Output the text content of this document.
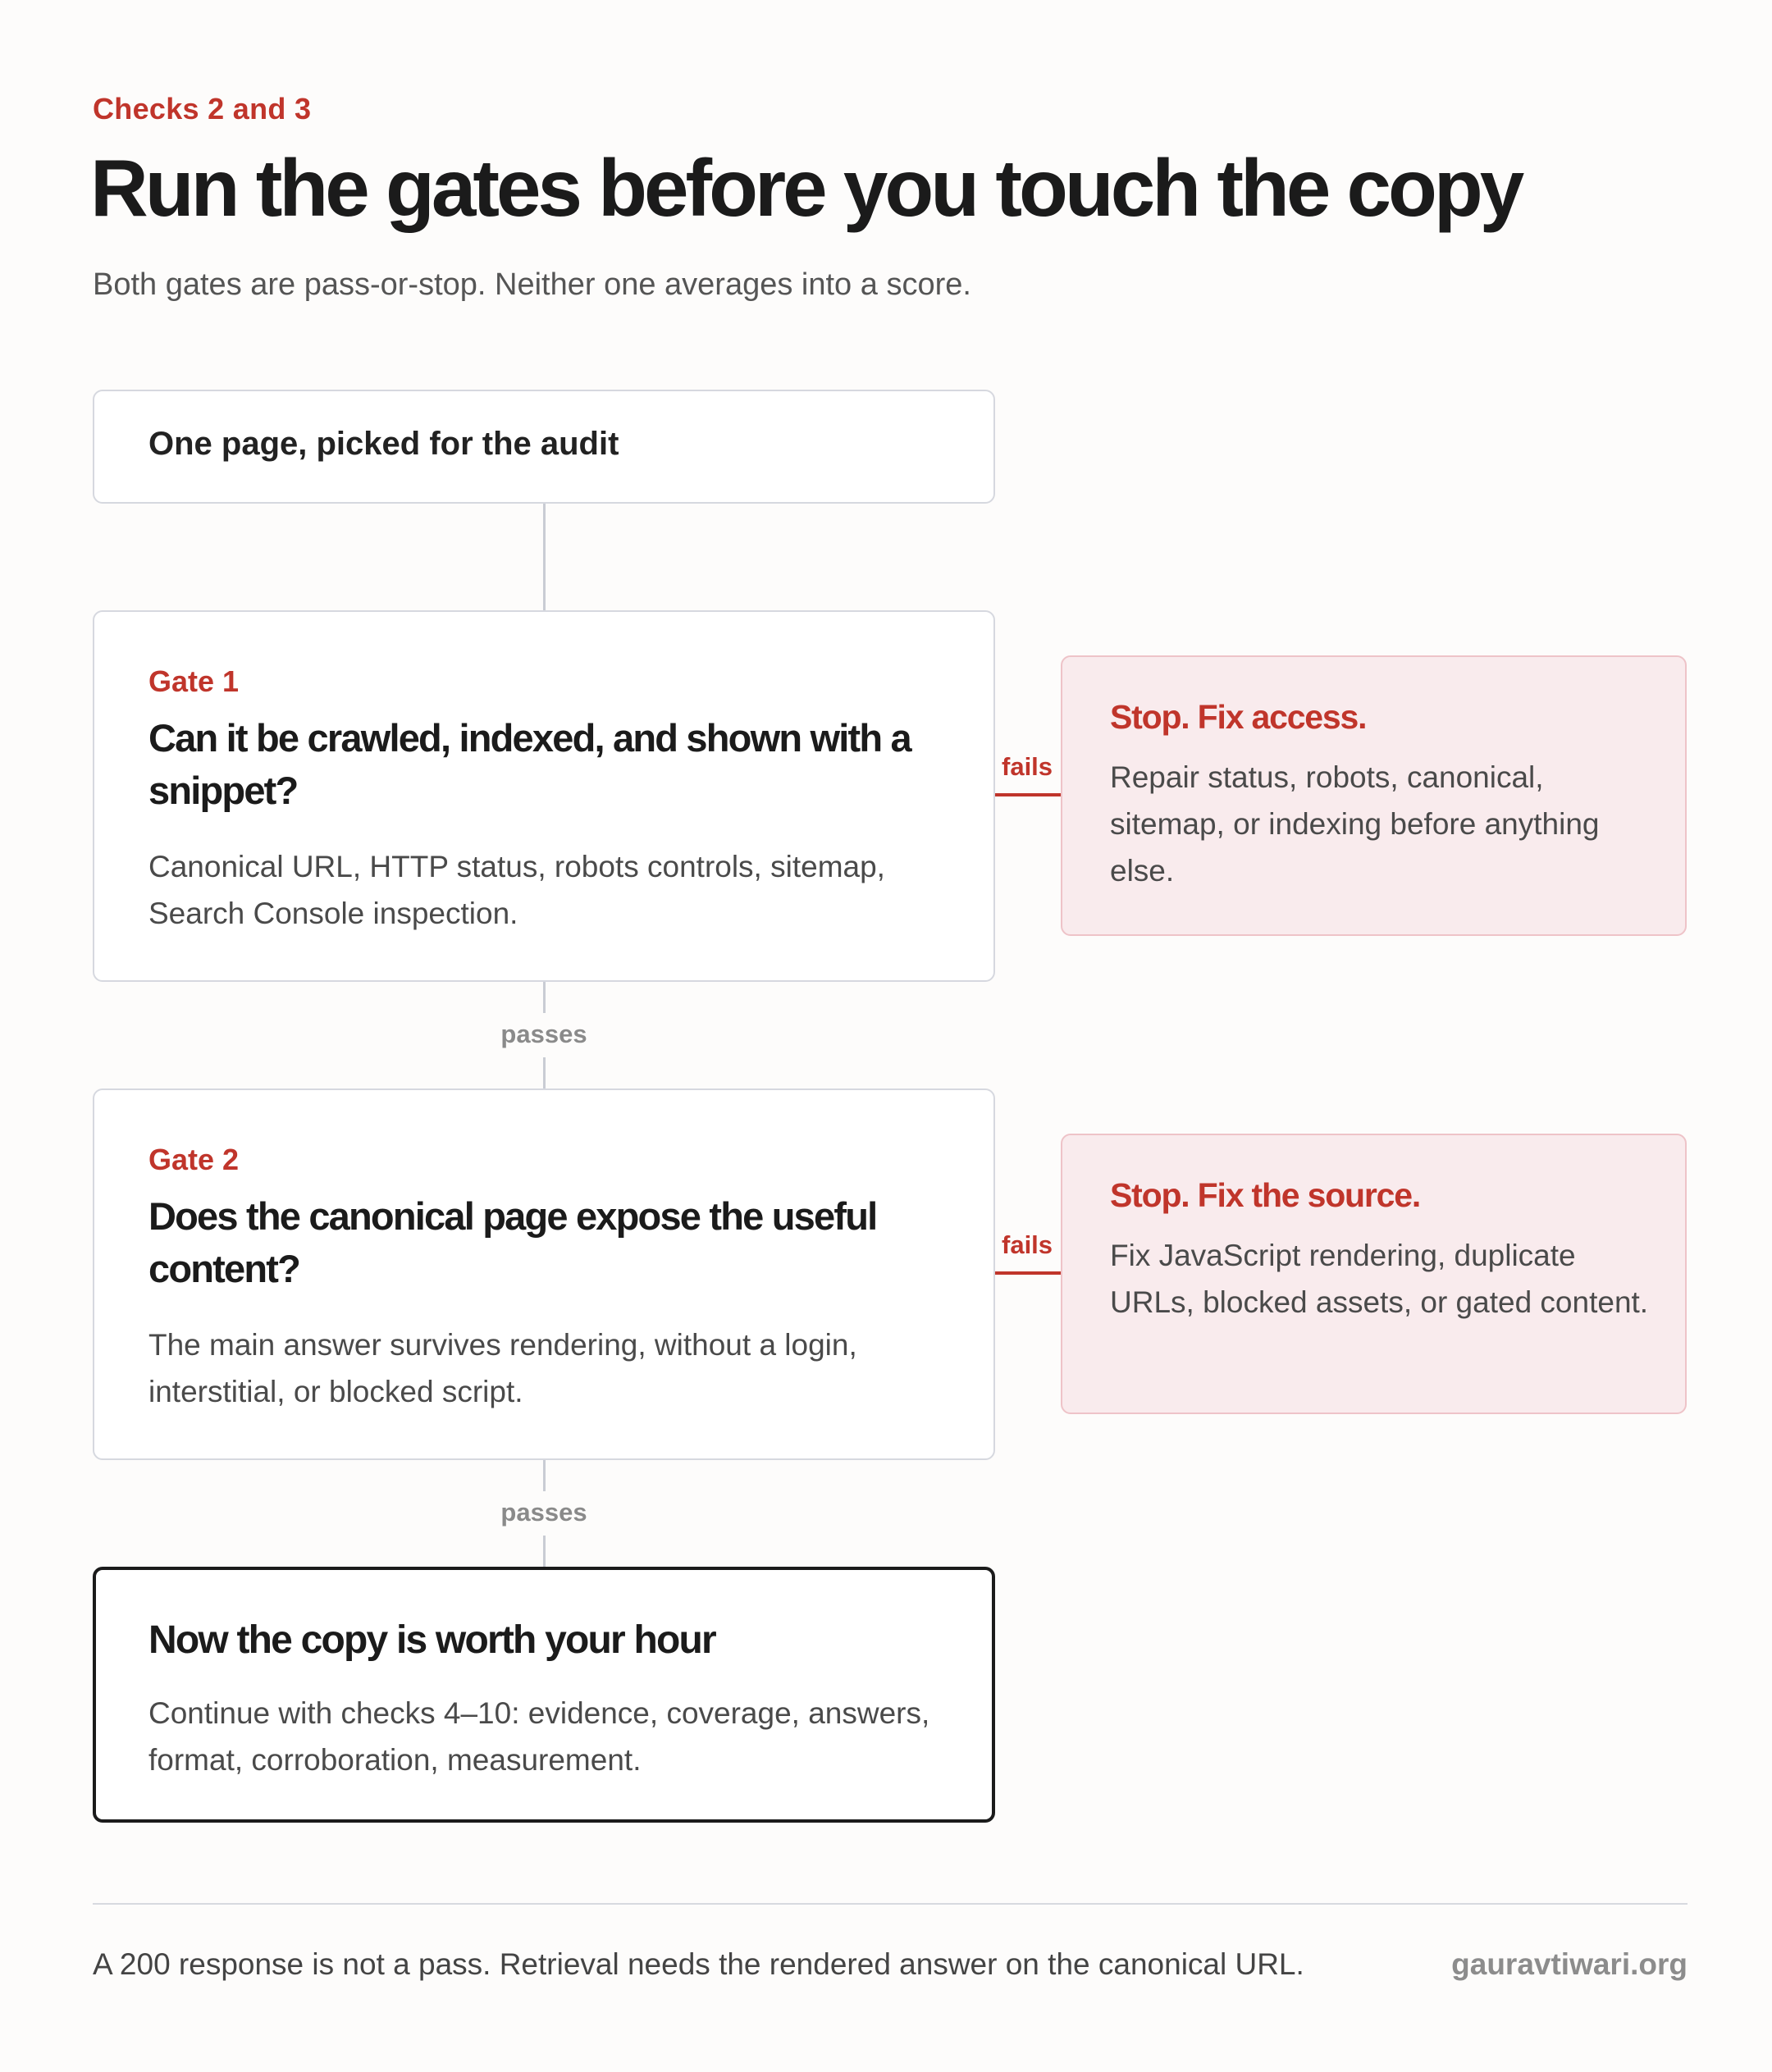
Checks 2 and 3
Run the gates before you touch the copy
Both gates are pass-or-stop. Neither one averages into a score.
One page, picked for the audit
Gate 1
Can it be crawled, indexed, and shown with a snippet?
Canonical URL, HTTP status, robots controls, sitemap, Search Console inspection.
fails
Stop. Fix access.
Repair status, robots, canonical, sitemap, or indexing before anything else.
passes
Gate 2
Does the canonical page expose the useful content?
The main answer survives rendering, without a login, interstitial, or blocked script.
fails
Stop. Fix the source.
Fix JavaScript rendering, duplicate URLs, blocked assets, or gated content.
passes
Now the copy is worth your hour
Continue with checks 4–10: evidence, coverage, answers, format, corroboration, measurement.
A 200 response is not a pass. Retrieval needs the rendered answer on the canonical URL.	gauravtiwari.org
